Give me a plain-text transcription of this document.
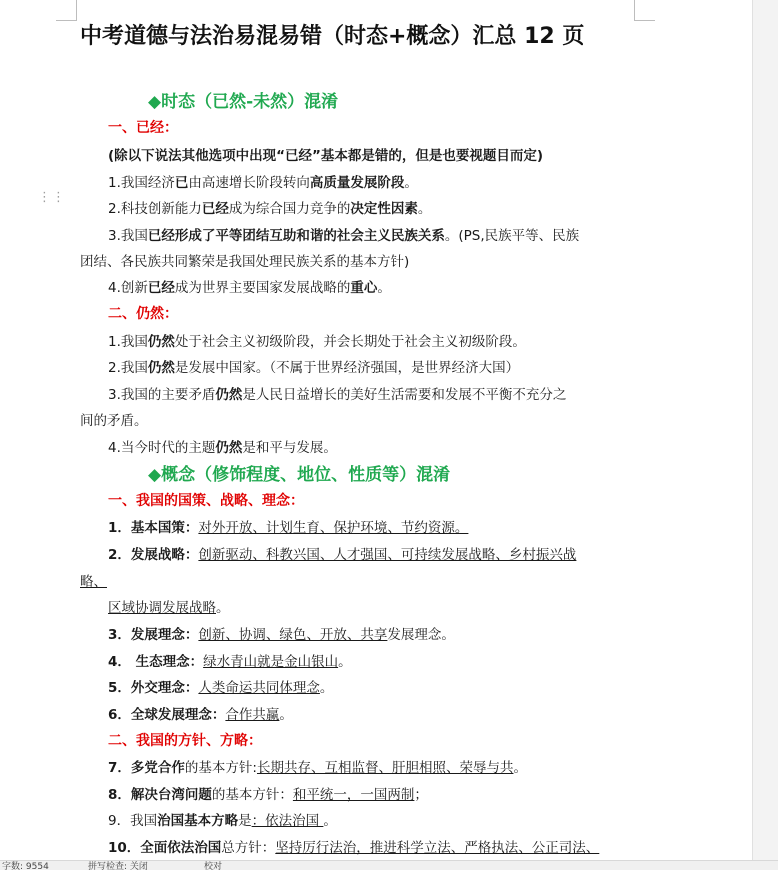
⋮⋮
中考道德与法治易混易错（时态+概念）汇总 12 页
◆时态（已然-未然）混淆
一、已经：
(除以下说法其他选项中出现“已经”基本都是错的，但是也要视题目而定)
1.我国经济已由高速增长阶段转向高质量发展阶段。
2.科技创新能力已经成为综合国力竞争的决定性因素。
3.我国已经形成了平等团结互助和谐的社会主义民族关系。(PS,民族平等、民族
团结、各民族共同繁荣是我国处理民族关系的基本方针)
4.创新已经成为世界主要国家发展战略的重心。
二、仍然：
1.我国仍然处于社会主义初级阶段，并会长期处于社会主义初级阶段。
2.我国仍然是发展中国家。（不属于世界经济强国，是世界经济大国）
3.我国的主要矛盾仍然是人民日益增长的美好生活需要和发展不平衡不充分之
间的矛盾。
4.当今时代的主题仍然是和平与发展。
◆概念（修饰程度、地位、性质等）混淆
一、我国的国策、战略、理念：
1．基本国策：对外开放、计划生育、保护环境、节约资源。
2．发展战略：创新驱动、科教兴国、人才强国、可持续发展战略、乡村振兴战
略、
区域协调发展战略。
3．发展理念：创新、协调、绿色、开放、共享发展理念。
4． 生态理念：绿水青山就是金山银山。
5．外交理念：人类命运共同体理念。
6．全球发展理念：合作共赢。
二、我国的方针、方略：
7．多党合作的基本方针:长期共存、互相监督、肝胆相照、荣辱与共。
8．解决台湾问题的基本方针：和平统一，一国两制；
9．我国治国基本方略是：依法治国 。
10．全面依法治国总方针：坚持厉行法治，推进科学立法、严格执法、公正司法、
字数: 9554	拼写检查: 关闭	校对
